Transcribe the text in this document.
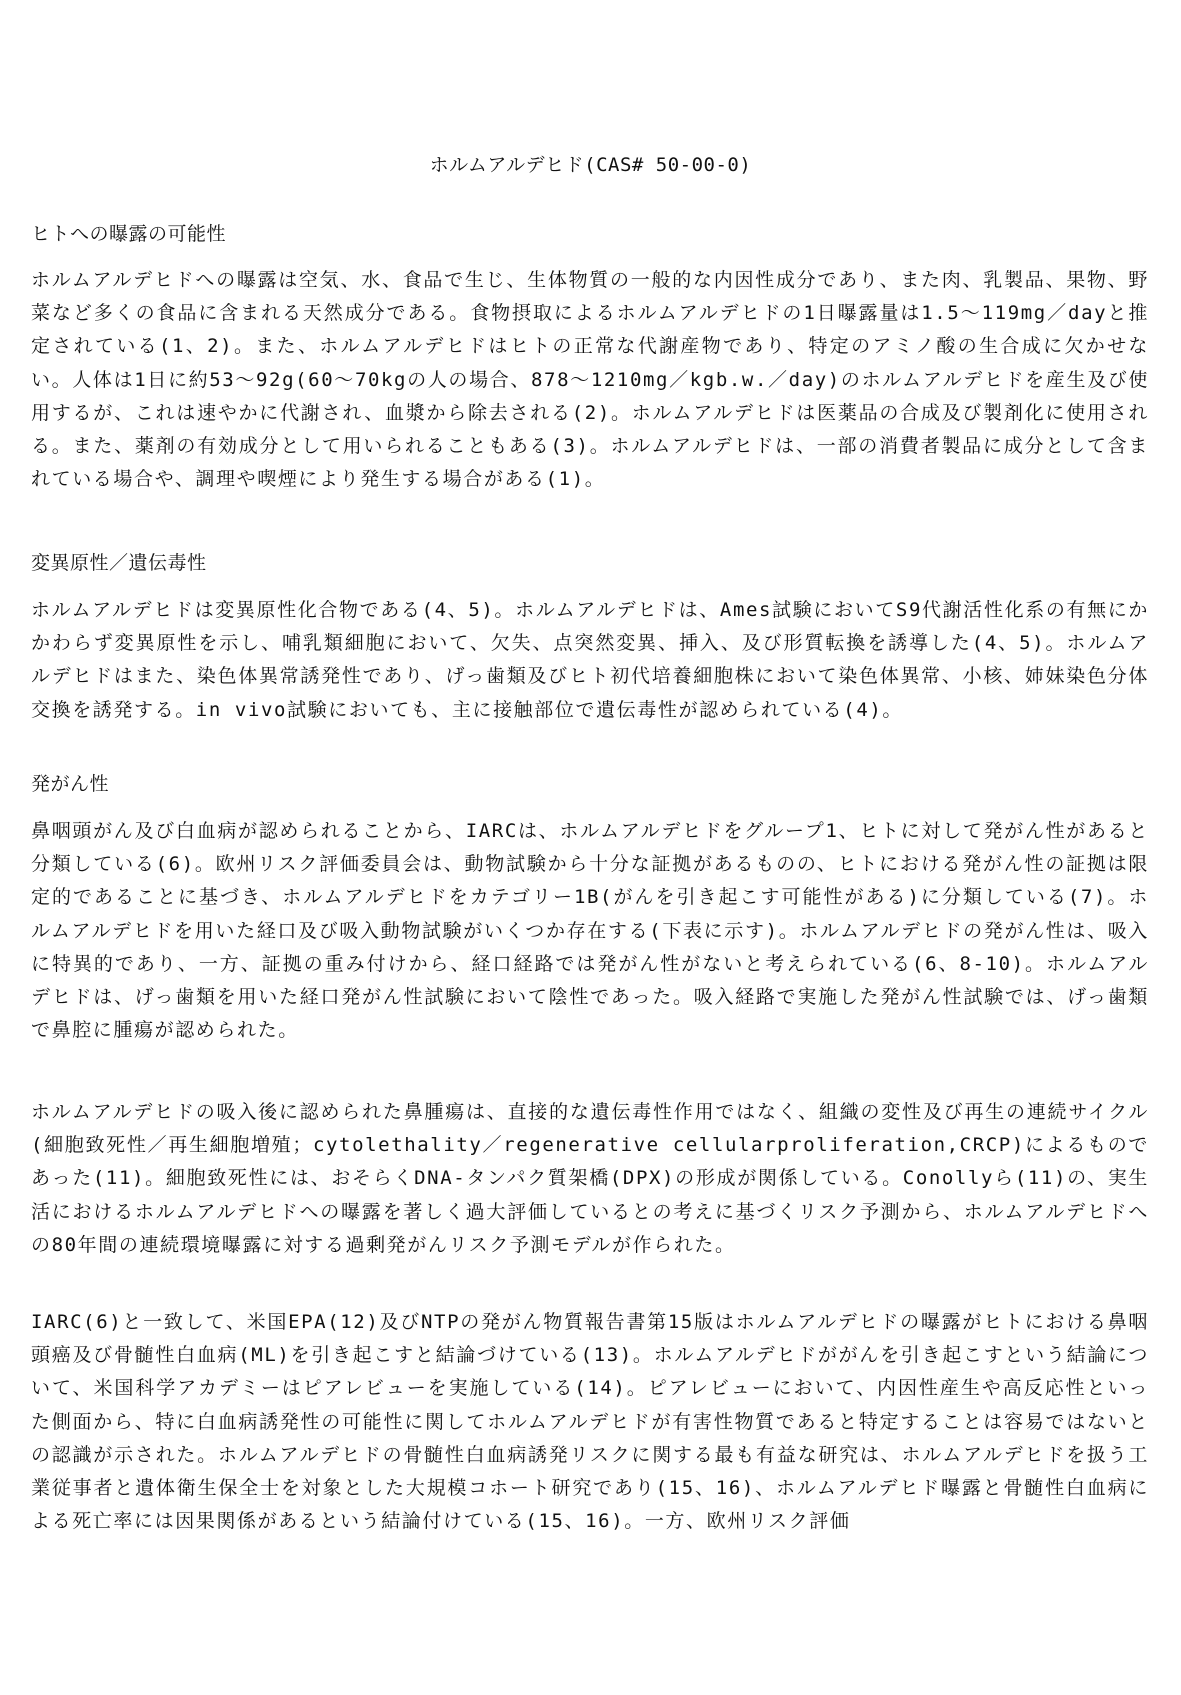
ホルムアルデヒド(CAS# 50-00-0)
ヒトへの曝露の可能性

ホルムアルデヒドへの曝露は空気、水、食品で生じ、生体物質の一般的な内因性成分であり、また肉、乳製品、果物、野菜など多くの食品に含まれる天然成分である。食物摂取によるホルムアルデヒドの1日曝露量は1.5〜119mg／dayと推定されている(1、2)。また、ホルムアルデヒドはヒトの正常な代謝産物であり、特定のアミノ酸の生合成に欠かせない。人体は1日に約53〜92g(60〜70kgの人の場合、878〜1210mg／kgb.w.／day)のホルムアルデヒドを産生及び使用するが、これは速やかに代謝され、血漿から除去される(2)。ホルムアルデヒドは医薬品の合成及び製剤化に使用される。また、薬剤の有効成分として用いられることもある(3)。ホルムアルデヒドは、一部の消費者製品に成分として含まれている場合や、調理や喫煙により発生する場合がある(1)。

変異原性／遺伝毒性

ホルムアルデヒドは変異原性化合物である(4、5)。ホルムアルデヒドは、Ames試験においてS9代謝活性化系の有無にかかわらず変異原性を示し、哺乳類細胞において、欠失、点突然変異、挿入、及び形質転換を誘導した(4、5)。ホルムアルデヒドはまた、染色体異常誘発性であり、げっ歯類及びヒト初代培養細胞株において染色体異常、小核、姉妹染色分体交換を誘発する。in vivo試験においても、主に接触部位で遺伝毒性が認められている(4)。

発がん性

鼻咽頭がん及び白血病が認められることから、IARCは、ホルムアルデヒドをグループ1、ヒトに対して発がん性があると分類している(6)。欧州リスク評価委員会は、動物試験から十分な証拠があるものの、ヒトにおける発がん性の証拠は限定的であることに基づき、ホルムアルデヒドをカテゴリー1B(がんを引き起こす可能性がある)に分類している(7)。ホルムアルデヒドを用いた経口及び吸入動物試験がいくつか存在する(下表に示す)。ホルムアルデヒドの発がん性は、吸入に特異的であり、一方、証拠の重み付けから、経口経路では発がん性がないと考えられている(6、8-10)。ホルムアルデヒドは、げっ歯類を用いた経口発がん性試験において陰性であった。吸入経路で実施した発がん性試験では、げっ歯類で鼻腔に腫瘍が認められた。

ホルムアルデヒドの吸入後に認められた鼻腫瘍は、直接的な遺伝毒性作用ではなく、組織の変性及び再生の連続サイクル(細胞致死性／再生細胞増殖；cytolethality／regenerative cellularproliferation,CRCP)によるものであった(11)。細胞致死性には、おそらくDNA-タンパク質架橋(DPX)の形成が関係している。Conollyら(11)の、実生活におけるホルムアルデヒドへの曝露を著しく過大評価しているとの考えに基づくリスク予測から、ホルムアルデヒドへの80年間の連続環境曝露に対する過剰発がんリスク予測モデルが作られた。

IARC(6)と一致して、米国EPA(12)及びNTPの発がん物質報告書第15版はホルムアルデヒドの曝露がヒトにおける鼻咽頭癌及び骨髄性白血病(ML)を引き起こすと結論づけている(13)。ホルムアルデヒドががんを引き起こすという結論について、米国科学アカデミーはピアレビューを実施している(14)。ピアレビューにおいて、内因性産生や高反応性といった側面から、特に白血病誘発性の可能性に関してホルムアルデヒドが有害性物質であると特定することは容易ではないとの認識が示された。ホルムアルデヒドの骨髄性白血病誘発リスクに関する最も有益な研究は、ホルムアルデヒドを扱う工業従事者と遺体衛生保全士を対象とした大規模コホート研究であり(15、16)、ホルムアルデヒド曝露と骨髄性白血病による死亡率には因果関係があるという結論付けている(15、16)。一方、欧州リスク評価
